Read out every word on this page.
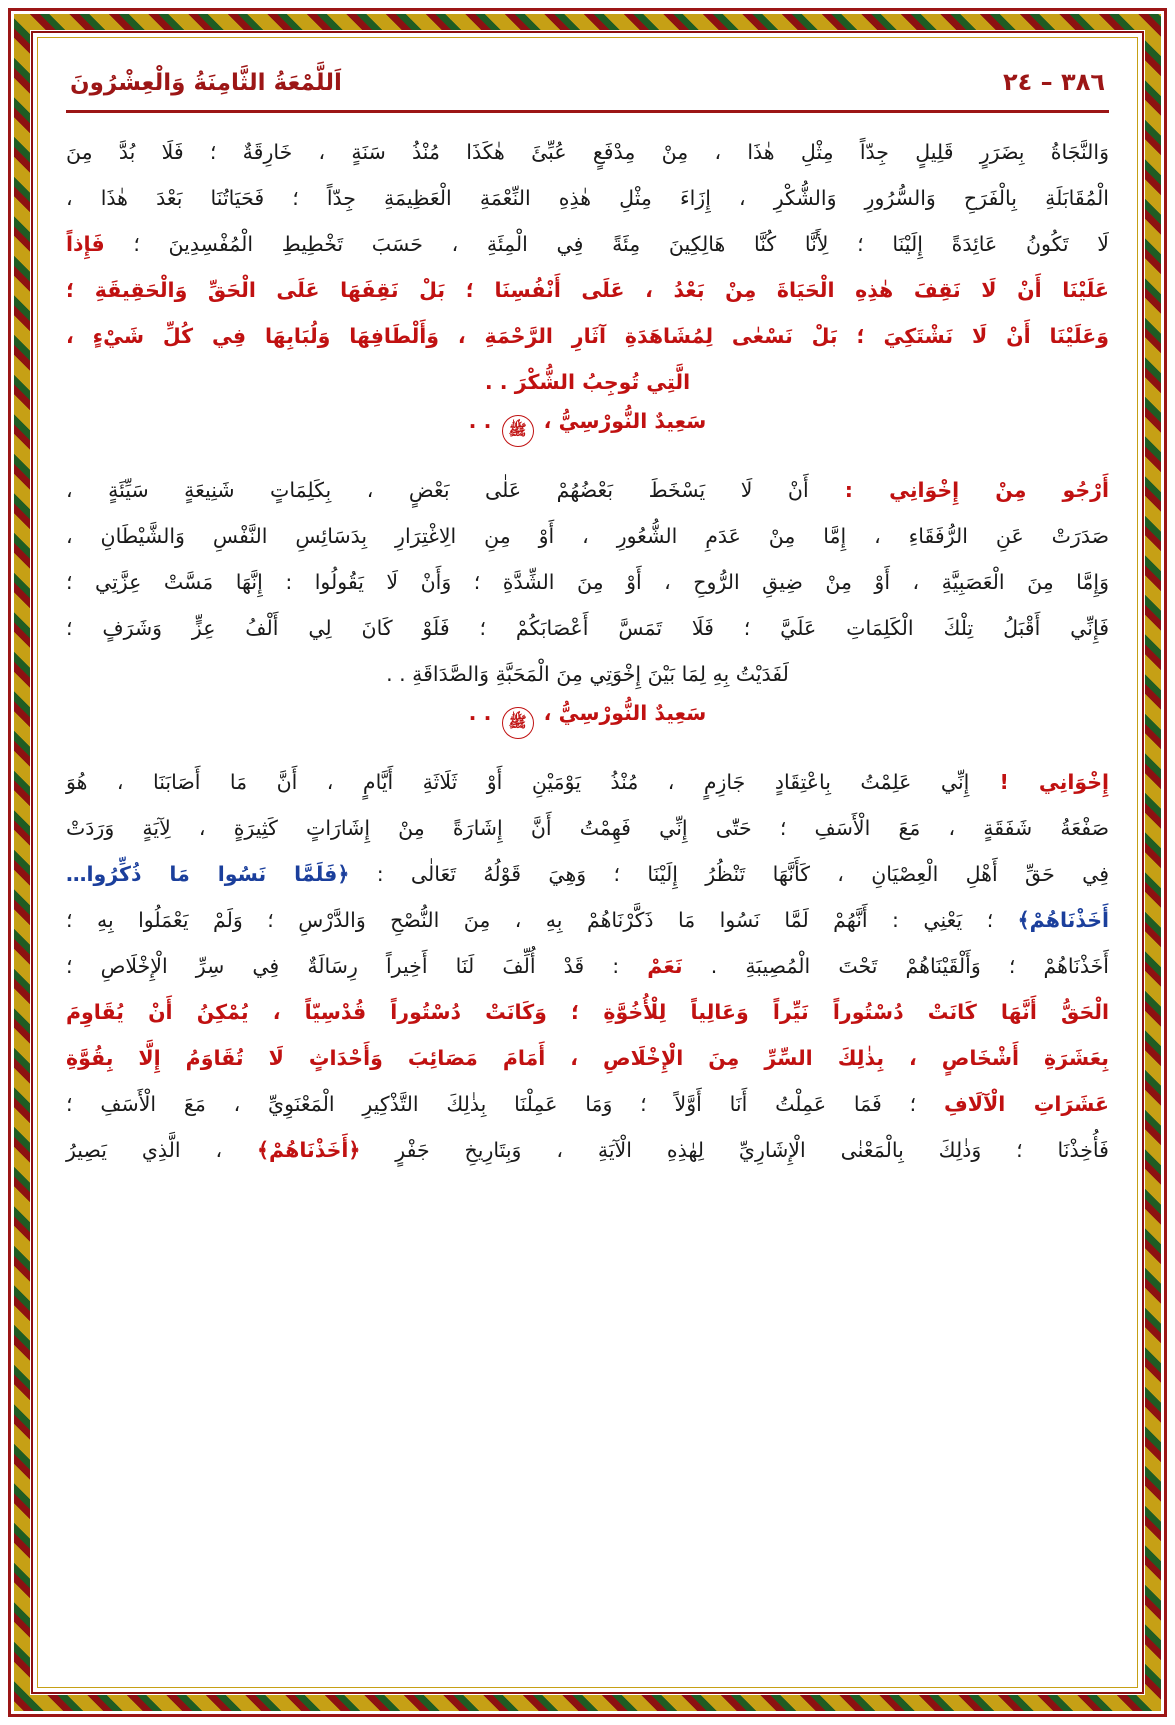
٣٨٦ – ٢٤
اَللَّمْعَةُ الثَّامِنَةُ وَالْعِشْرُونَ

وَالنَّجَاةُ بِضَرَرٍ قَلِيلٍ جِدّاً مِثْلِ هٰذَا ، مِنْ مِدْفَعٍ عُبِّئَ هٰكَذَا مُنْذُ سَنَةٍ ، خَارِقَةٌ ؛ فَلَا بُدَّ مِنَ

الْمُقَابَلَةِ بِالْفَرَحِ وَالسُّرُورِ وَالشُّكْرِ ، إِزَاءَ مِثْلِ هٰذِهِ النِّعْمَةِ الْعَظِيمَةِ جِدّاً ؛ فَحَيَاتُنَا بَعْدَ هٰذَا ،

لَا تَكُونُ عَائِدَةً إِلَيْنَا ؛ لِأَنَّا كُنَّا هَالِكِينَ مِئَةً فِي الْمِئَةِ ، حَسَبَ تَخْطِيطِ الْمُفْسِدِينَ ؛ فَإِذاً

عَلَيْنَا أَنْ لَا نَقِفَ هٰذِهِ الْحَيَاةَ مِنْ بَعْدُ ، عَلَى أَنْفُسِنَا ؛ بَلْ نَقِفَهَا عَلَى الْحَقِّ وَالْحَقِيقَةِ ؛

وَعَلَيْنَا أَنْ لَا نَشْتَكِيَ ؛ بَلْ نَسْعٰى لِمُشَاهَدَةِ آثَارِ الرَّحْمَةِ ، وَأَلْطَافِهَا وَلُبَابِهَا فِي كُلِّ شَيْءٍ ،

الَّتِي تُوجِبُ الشُّكْرَ . .

سَعِيدٌ النُّورْسِيُّ ، ﷺ . .

أَرْجُو مِنْ إِخْوَانِي : أَنْ لَا يَسْخَطَ بَعْضُهُمْ عَلٰى بَعْضٍ ، بِكَلِمَاتٍ شَنِيعَةٍ سَيِّئَةٍ ،

صَدَرَتْ عَنِ الرُّفَقَاءِ ، إِمَّا مِنْ عَدَمِ الشُّعُورِ ، أَوْ مِنِ الِاغْتِرَارِ بِدَسَائِسِ النَّفْسِ وَالشَّيْطَانِ ،

وَإِمَّا مِنَ الْعَصَبِيَّةِ ، أَوْ مِنْ ضِيقِ الرُّوحِ ، أَوْ مِنَ الشِّدَّةِ ؛ وَأَنْ لَا يَقُولُوا : إِنَّهَا مَسَّتْ عِزَّتِي ؛

فَإِنِّي أَقْبَلُ تِلْكَ الْكَلِمَاتِ عَلَيَّ ؛ فَلَا تَمَسَّ أَعْصَابَكُمْ ؛ فَلَوْ كَانَ لِي أَلْفُ عِزٍّ وَشَرَفٍ ؛

لَفَدَيْتُ بِهِ لِمَا بَيْنَ إِخْوَتِي مِنَ الْمَحَبَّةِ وَالصَّدَاقَةِ . .

سَعِيدٌ النُّورْسِيُّ ، ﷺ . .

إِخْوَانِي ! إِنِّي عَلِمْتُ بِاعْتِقَادٍ جَازِمٍ ، مُنْذُ يَوْمَيْنِ أَوْ ثَلَاثَةِ أَيَّامٍ ، أَنَّ مَا أَصَابَنَا ، هُوَ

صَفْعَةُ شَفَقَةٍ ، مَعَ الْأَسَفِ ؛ حَتّٰى إِنِّي فَهِمْتُ أَنَّ إِشَارَةً مِنْ إِشَارَاتٍ كَثِيرَةٍ ، لِآيَةٍ وَرَدَتْ

فِي حَقِّ أَهْلِ الْعِصْيَانِ ، كَأَنَّهَا تَنْظُرُ إِلَيْنَا ؛ وَهِيَ قَوْلُهُ تَعَالٰى : ﴿فَلَمَّا نَسُوا مَا ذُكِّرُوا…

أَخَذْنَاهُمْ﴾ ؛ يَعْنِي : أَنَّهُمْ لَمَّا نَسُوا مَا ذَكَّرْنَاهُمْ بِهِ ، مِنَ النُّصْحِ وَالدَّرْسِ ؛ وَلَمْ يَعْمَلُوا بِهِ ؛

أَخَذْنَاهُمْ ؛ وَأَلْقَيْنَاهُمْ تَحْتَ الْمُصِيبَةِ . نَعَمْ : قَدْ أُلِّفَ لَنَا أَخِيراً رِسَالَةٌ فِي سِرِّ الْإِخْلَاصِ ؛

الْحَقُّ أَنَّهَا كَانَتْ دُسْتُوراً نَيِّراً وَعَالِياً لِلْأُخُوَّةِ ؛ وَكَانَتْ دُسْتُوراً قُدْسِيّاً ، يُمْكِنُ أَنْ يُقَاوِمَ

بِعَشَرَةِ أَشْخَاصٍ ، بِذٰلِكَ السِّرِّ مِنَ الْإِخْلَاصِ ، أَمَامَ مَصَائِبَ وَأَحْدَاثٍ لَا تُقَاوَمُ إِلَّا بِقُوَّةِ

عَشَرَاتِ الْآلَافِ ؛ فَمَا عَمِلْتُ أَنَا أَوَّلاً ؛ وَمَا عَمِلْنَا بِذٰلِكَ التَّذْكِيرِ الْمَعْنَوِيِّ ، مَعَ الْأَسَفِ ؛

فَأُخِذْنَا ؛ وَذٰلِكَ بِالْمَعْنٰى الْإِشَارِيِّ لِهٰذِهِ الْآيَةِ ، وَبِتَارِيخِ جَفْرٍ ﴿أَخَذْنَاهُمْ﴾ ، الَّذِي يَصِيرُ
